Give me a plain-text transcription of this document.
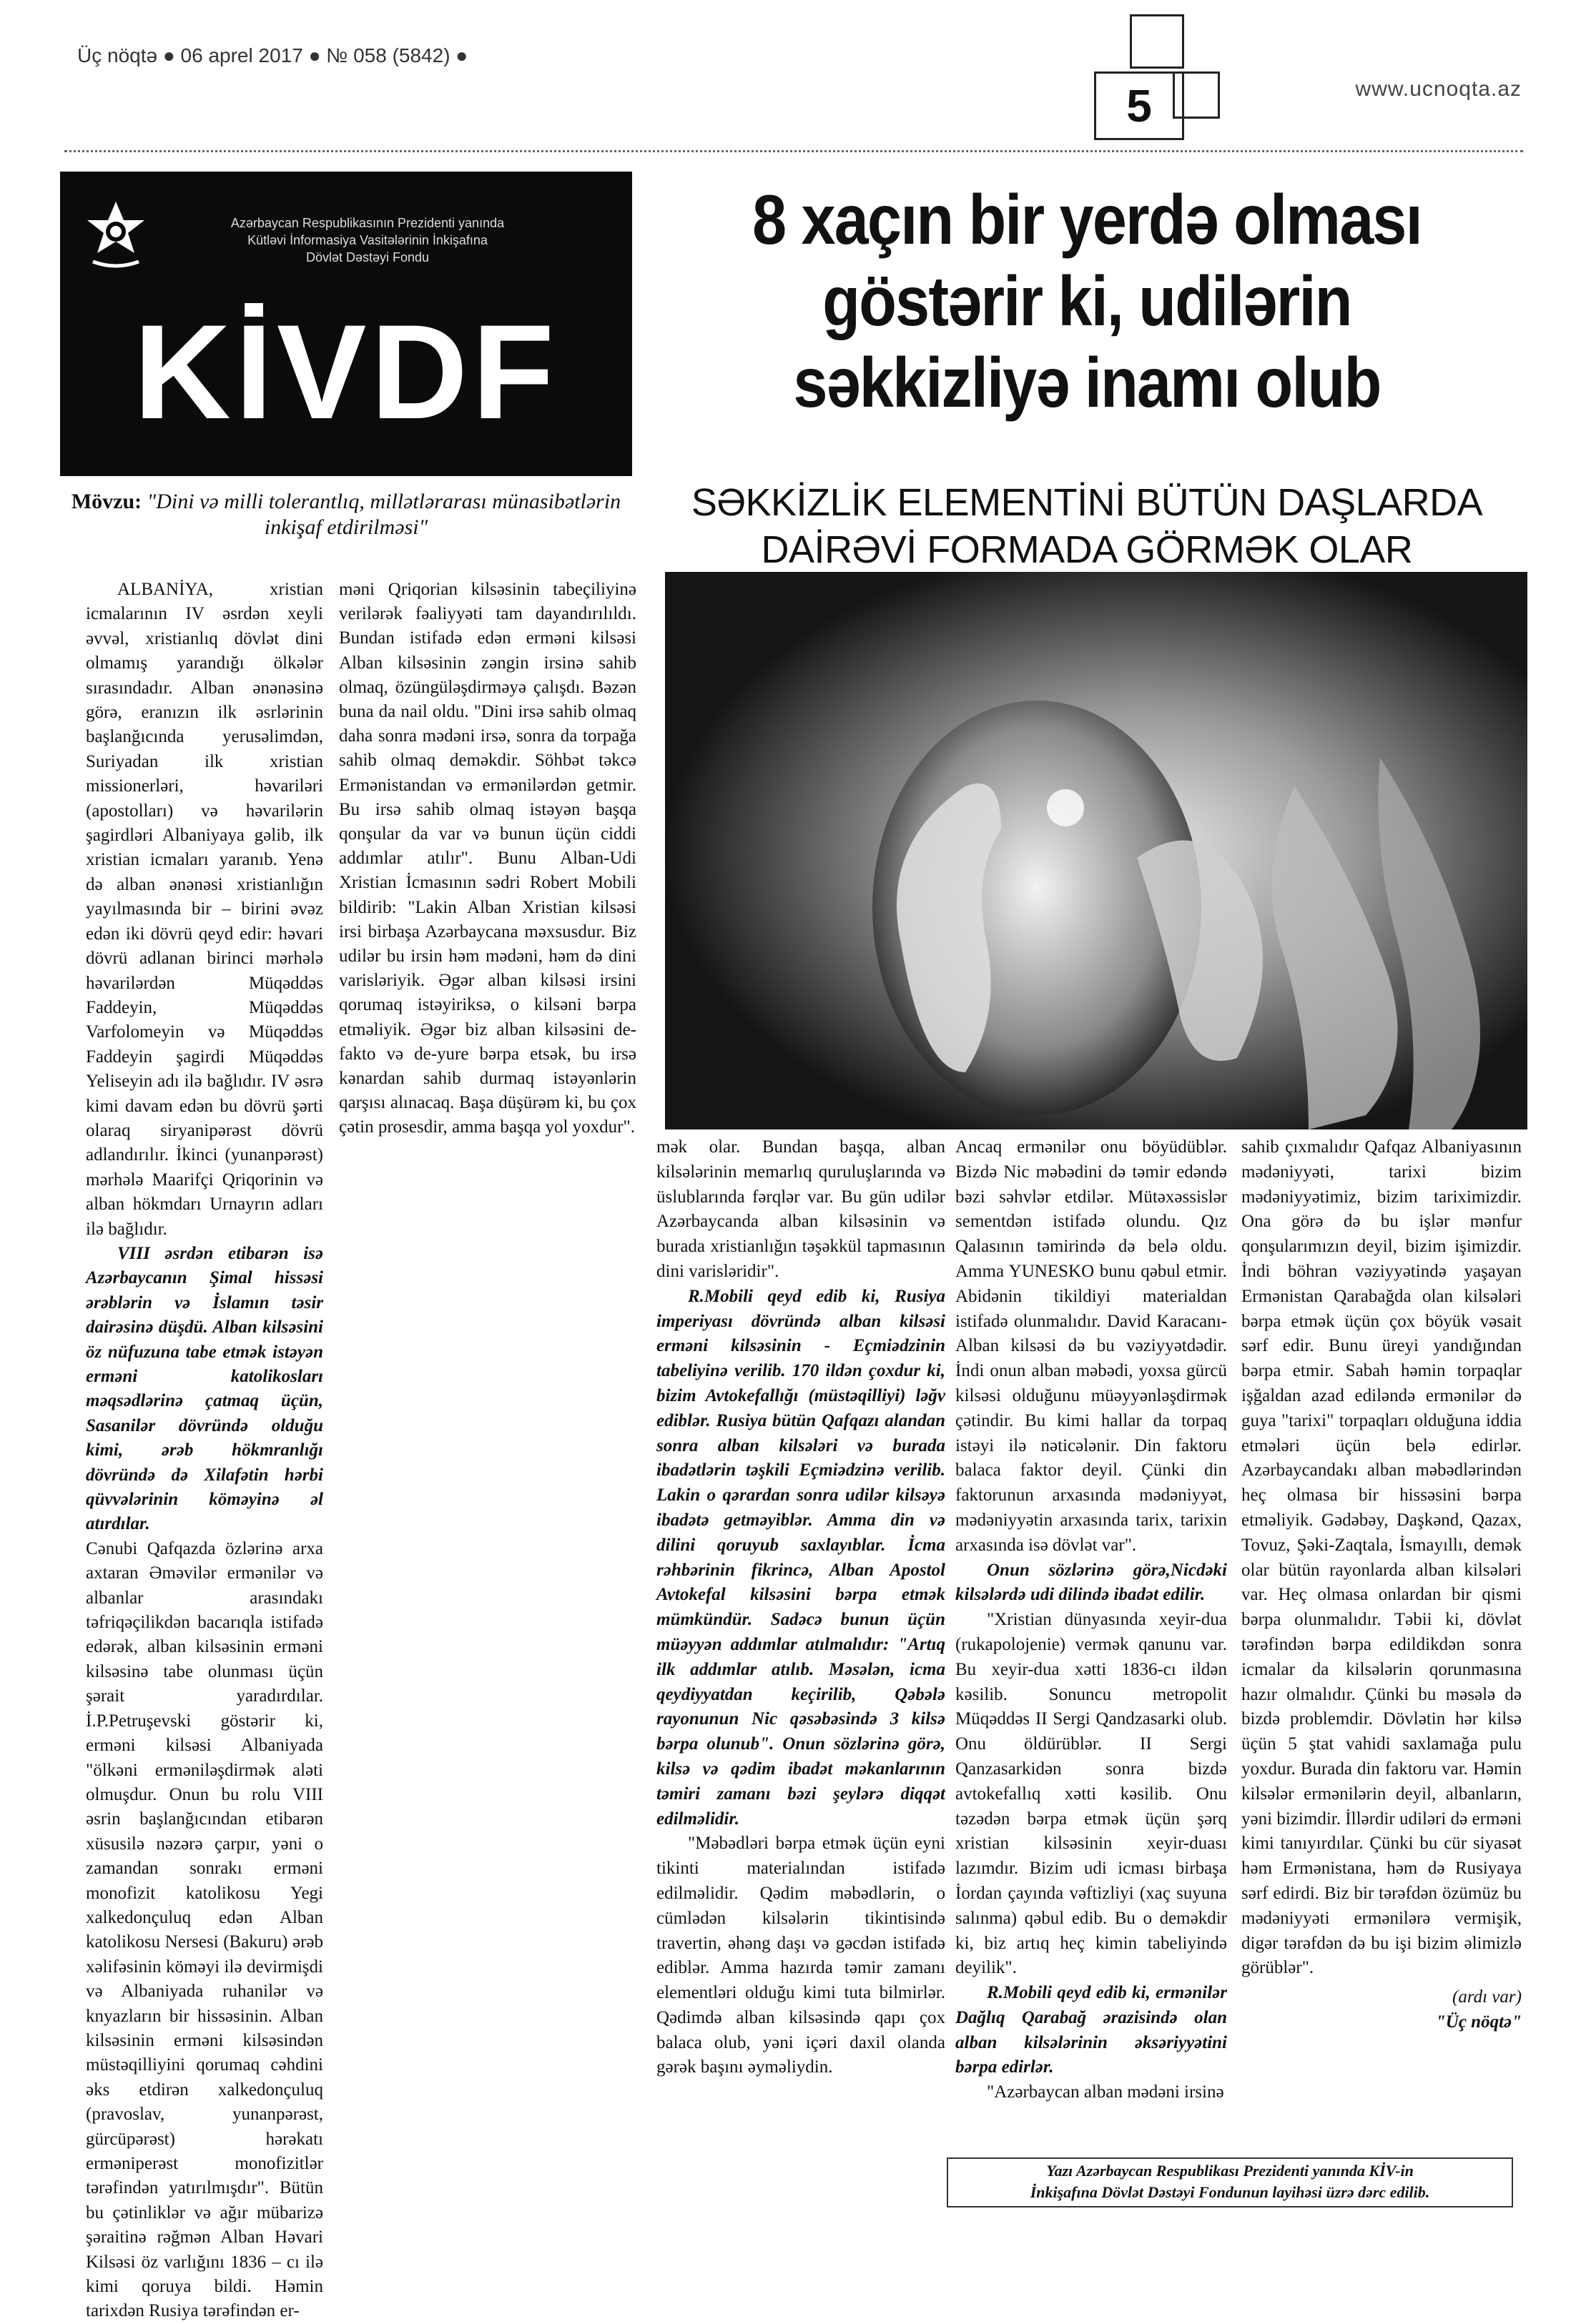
Üç nöqtə ● 06 aprel 2017 ● № 058 (5842) ●
www.ucnoqta.az
5
Azərbaycan Respublikasının Prezidenti yanında
Kütləvi İnformasiya Vasitələrinin İnkişafına
Dövlət Dəstəyi Fondu
KİVDF
Mövzu: "Dini və milli tolerantlıq, millətlərarası münasibətlərin inkişaf etdirilməsi"
8 xaçın bir yerdə olması göstərir ki, udilərin səkkizliyə inamı olub
SƏKKİZLİK ELEMENTİNİ BÜTÜN DAŞLARDA DAİRƏVİ FORMADA GÖRMƏK OLAR

ALBANİYA, xristian icmalarının IV əsrdən xeyli əvvəl, xristianlıq dövlət dini olmamış yarandığı ölkələr sırasındadır. Alban ənənəsinə görə, eranızın ilk əsrlərinin başlanğıcında yerusəlimdən, Suriyadan ilk xristian missionerləri, həvariləri (apostolları) və həvarilərin şagirdləri Albaniyaya gəlib, ilk xristian icmaları yaranıb. Yenə də alban ənənəsi xristianlığın yayılmasında bir – birini əvəz edən iki dövrü qeyd edir: həvari dövrü adlanan birinci mərhələ həvarilərdən Müqəddəs Faddeyin, Müqəddəs Varfolomeyin və Müqəddəs Faddeyin şagirdi Müqəddəs Yeliseyin adı ilə bağlıdır. IV əsrə kimi davam edən bu dövrü şərti olaraq siryanipərəst dövrü adlandırılır. İkinci (yunanpərəst) mərhələ Maarifçi Qriqorinin və alban hökmdarı Urnayrın adları ilə bağlıdır.

VIII əsrdən etibarən isə Azərbaycanın Şimal hissəsi ərəblərin və İslamın təsir dairəsinə düşdü. Alban kilsəsini öz nüfuzuna tabe etmək istəyən erməni katolikosları məqsədlərinə çatmaq üçün, Sasanilər dövründə olduğu kimi, ərəb hökmranlığı dövründə də Xilafətin hərbi qüvvələrinin köməyinə əl atırdılar.

Cənubi Qafqazda özlərinə arxa axtaran Əməvilər ermənilər və albanlar arasındakı təfriqəçilikdən bacarıqla istifadə edərək, alban kilsəsinin erməni kilsəsinə tabe olunması üçün şərait yaradırdılar. İ.P.Petruşevski göstərir ki, erməni kilsəsi Albaniyada "ölkəni erməniləşdirmək aləti olmuşdur. Onun bu rolu VIII əsrin başlanğıcından etibarən xüsusilə nəzərə çarpır, yəni o zamandan sonrakı erməni monofizit katolikosu Yegi xalkedonçuluq edən Alban katolikosu Nersesi (Bakuru) ərəb xəlifəsinin köməyi ilə devirmişdi və Albaniyada ruhanilər və knyazların bir hissəsinin. Alban kilsəsinin erməni kilsəsindən müstəqilliyini qorumaq cəhdini əks etdirən xalkedonçuluq (pravoslav, yunanpərəst, gürcüpərəst) hərəkatı erməniperəst monofizitlər tərəfindən yatırılmışdır". Bütün bu çətinliklər və ağır mübarizə şəraitinə rəğmən Alban Həvari Kilsəsi öz varlığını 1836 – cı ilə kimi qoruya bildi. Həmin tarixdən Rusiya tərəfindən er-

məni Qriqorian kilsəsinin tabeçiliyinə verilərək fəaliyyəti tam dayandırılıldı. Bundan istifadə edən erməni kilsəsi Alban kilsəsinin zəngin irsinə sahib olmaq, özüngüləşdirməyə çalışdı. Bəzən buna da nail oldu. "Dini irsə sahib olmaq daha sonra mədəni irsə, sonra da torpağa sahib olmaq deməkdir. Söhbət təkcə Ermənistandan və ermənilərdən getmir. Bu irsə sahib olmaq istəyən başqa qonşular da var və bunun üçün ciddi addımlar atılır". Bunu Alban-Udi Xristian İcmasının sədri Robert Mobili bildirib: "Lakin Alban Xristian kilsəsi irsi birbaşa Azərbaycana məxsusdur. Biz udilər bu irsin həm mədəni, həm də dini varisləriyik. Əgər alban kilsəsi irsini qorumaq istəyiriksə, o kilsəni bərpa etməliyik. Əgər biz alban kilsəsini de-fakto və de-yure bərpa etsək, bu irsə kənardan sahib durmaq istəyənlərin qarşısı alınacaq. Başa düşürəm ki, bu çox çətin prosesdir, amma başqa yol yoxdur".

mək olar. Bundan başqa, alban kilsələrinin memarlıq quruluşlarında və üslublarında fərqlər var. Bu gün udilər Azərbaycanda alban kilsəsinin və burada xristianlığın təşəkkül tapmasının dini varisləridir".

R.Mobili qeyd edib ki, Rusiya imperiyası dövründə alban kilsəsi erməni kilsəsinin - Eçmiədzinin tabeliyinə verilib. 170 ildən çoxdur ki, bizim Avtokefallığı (müstəqilliyi) ləğv ediblər. Rusiya bütün Qafqazı alandan sonra alban kilsələri və burada ibadətlərin təşkili Eçmiədzinə verilib. Lakin o qərardan sonra udilər kilsəyə ibadətə getməyiblər. Amma din və dilini qoruyub saxlayıblar. İcma rəhbərinin fikrincə, Alban Apostol Avtokefal kilsəsini bərpa etmək mümkündür. Sadəcə bunun üçün müəyyən addımlar atılmalıdır: "Artıq ilk addımlar atılıb. Məsələn, icma qeydiyyatdan keçirilib, Qəbələ rayonunun Nic qəsəbəsində 3 kilsə bərpa olunub". Onun sözlərinə görə, kilsə və qədim ibadət məkanlarının təmiri zamanı bəzi şeylərə diqqət edilməlidir.

"Məbədləri bərpa etmək üçün eyni tikinti materialından istifadə edilməlidir. Qədim məbədlərin, o cümlədən kilsələrin tikintisində travertin, əhəng daşı və gəcdən istifadə ediblər. Amma hazırda təmir zamanı elementləri olduğu kimi tuta bilmirlər. Qədimdə alban kilsəsində qapı çox balaca olub, yəni içəri daxil olanda gərək başını əyməliydin.

Ancaq ermənilər onu böyüdüblər. Bizdə Nic məbədini də təmir edəndə bəzi səhvlər etdilər. Mütəxəssislər sementdən istifadə olundu. Qız Qalasının təmirində də belə oldu. Amma YUNESKO bunu qəbul etmir. Abidənin tikildiyi materialdan istifadə olunmalıdır. David Karacanı-Alban kilsəsi də bu vəziyyətdədir. İndi onun alban məbədi, yoxsa gürcü kilsəsi olduğunu müəyyənləşdirmək çətindir. Bu kimi hallar da torpaq istəyi ilə nəticələnir. Din faktoru balaca faktor deyil. Çünki din faktorunun arxasında mədəniyyət, mədəniyyətin arxasında tarix, tarixin arxasında isə dövlət var".

Onun sözlərinə görə,Nicdəki kilsələrdə udi dilində ibadət edilir.

"Xristian dünyasında xeyir-dua (rukapolojenie) vermək qanunu var. Bu xeyir-dua xətti 1836-cı ildən kəsilib. Sonuncu metropolit Müqəddəs II Sergi Qandzasarki olub. Onu öldürüblər. II Sergi Qanzasarkidən sonra bizdə avtokefallıq xətti kəsilib. Onu təzədən bərpa etmək üçün şərq xristian kilsəsinin xeyir-duası lazımdır. Bizim udi icması birbaşa İordan çayında vəftizliyi (xaç suyuna salınma) qəbul edib. Bu o deməkdir ki, biz artıq heç kimin tabeliyində deyilik".

R.Mobili qeyd edib ki, ermənilər Dağlıq Qarabağ ərazisində olan alban kilsələrinin əksəriyyətini bərpa edirlər.

"Azərbaycan alban mədəni irsinə

sahib çıxmalıdır Qafqaz Albaniyasının mədəniyyəti, tarixi bizim mədəniyyətimiz, bizim tariximizdir. Ona görə də bu işlər mənfur qonşularımızın deyil, bizim işimizdir. İndi böhran vəziyyətində yaşayan Ermənistan Qarabağda olan kilsələri bərpa etmək üçün çox böyük vəsait sərf edir. Bunu üreyi yandığından bərpa etmir. Sabah həmin torpaqlar işğaldan azad ediləndə ermənilər də guya "tarixi" torpaqları olduğuna iddia etmələri üçün belə edirlər. Azərbaycandakı alban məbədlərindən heç olmasa bir hissəsini bərpa etməliyik. Gədəbəy, Daşkənd, Qazax, Tovuz, Şəki-Zaqtala, İsmayıllı, demək olar bütün rayonlarda alban kilsələri var. Heç olmasa onlardan bir qismi bərpa olunmalıdır. Təbii ki, dövlət tərəfindən bərpa edildikdən sonra icmalar da kilsələrin qorunmasına hazır olmalıdır. Çünki bu məsələ də bizdə problemdir. Dövlətin hər kilsə üçün 5 ştat vahidi saxlamağa pulu yoxdur. Burada din faktoru var. Həmin kilsələr ermənilərin deyil, albanların, yəni bizimdir. İllərdir udiləri də erməni kimi tanıyırdılar. Çünki bu cür siyasət həm Ermənistana, həm də Rusiyaya sərf edirdi. Biz bir tərəfdən özümüz bu mədəniyyəti ermənilərə vermişik, digər tərəfdən də bu işi bizim əlimizlə görüblər".

(ardı var)
"Üç nöqtə"
Yazı Azərbaycan Respublikası Prezidenti yanında KİV-in
İnkişafına Dövlət Dəstəyi Fondunun layihəsi üzrə dərc edilib.
